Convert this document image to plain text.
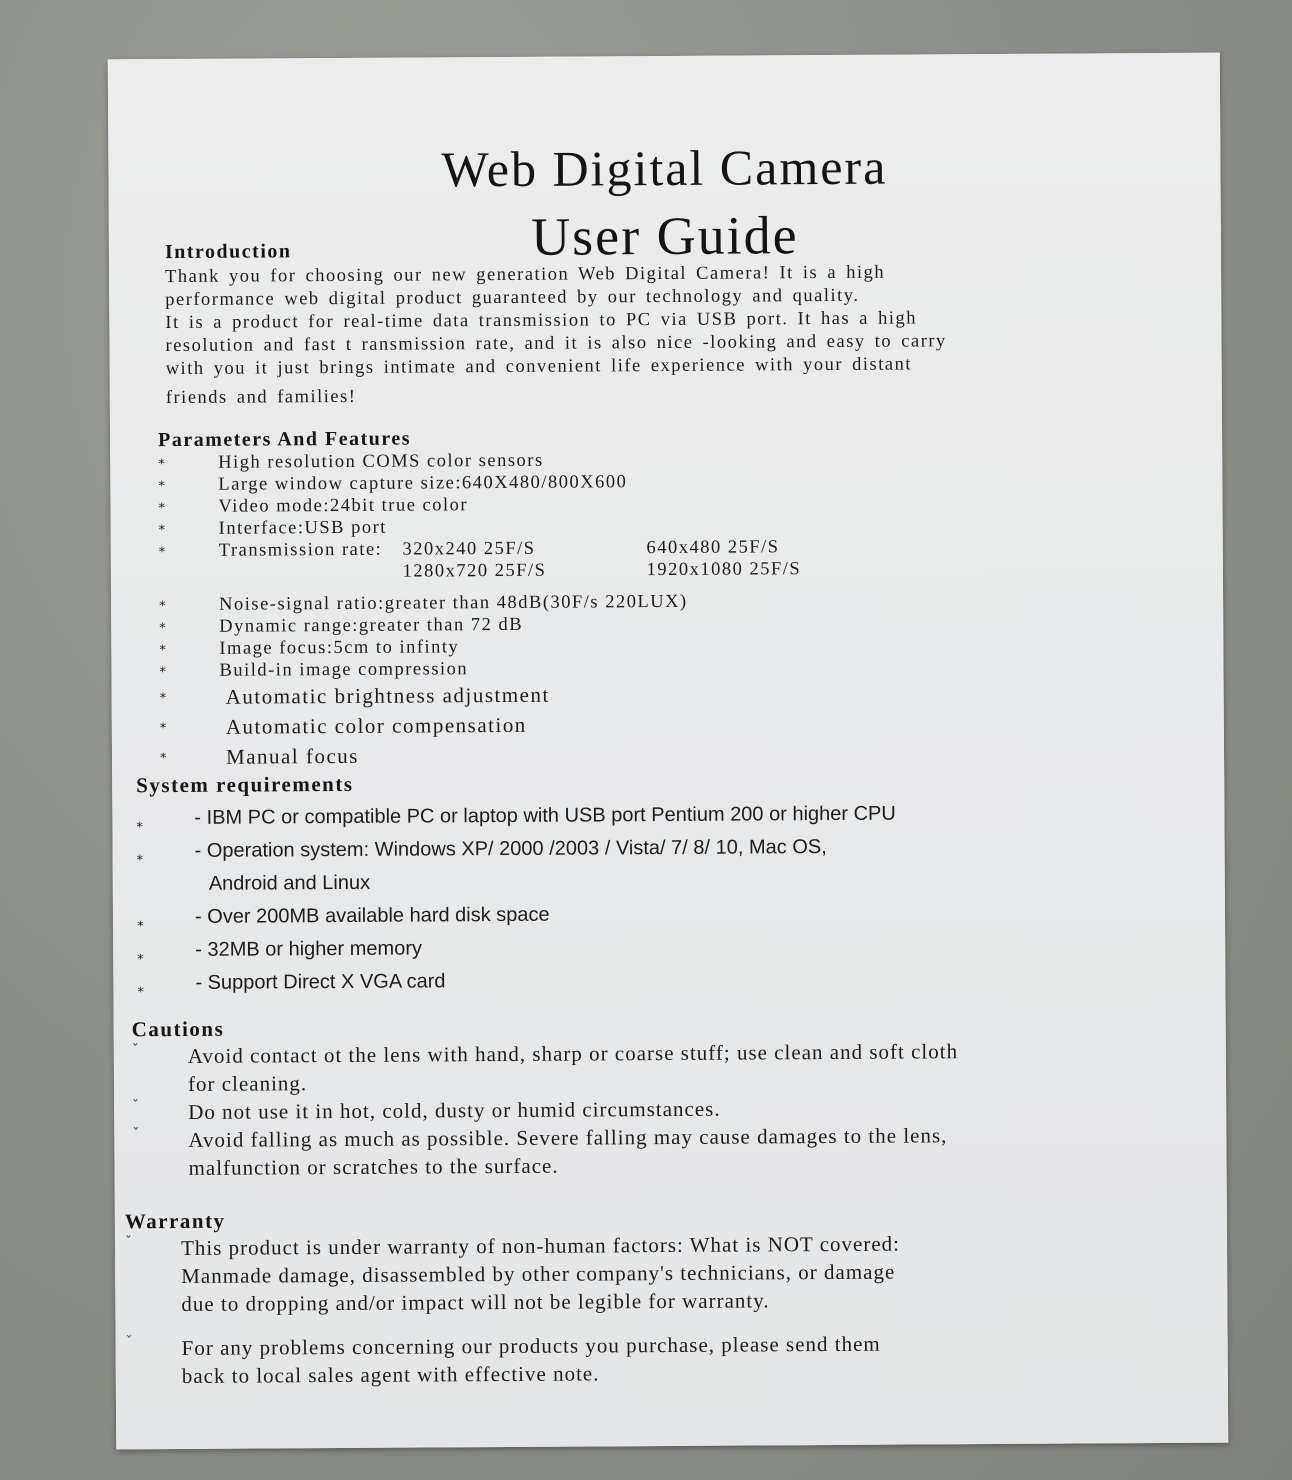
Web Digital Camera
User Guide
Introduction

Thank you for choosing our new generation Web Digital Camera! It is a high
performance web digital product guaranteed by our technology and quality.
It is a product for real-time data transmission to PC via USB port. It has a high
resolution and fast t ransmission rate, and it is also nice -looking and easy to carry
with you it just brings intimate and convenient life experience with your distant
friends and families!

Parameters And Features
*	High resolution COMS color sensors
*	Large window capture size:640X480/800X600
*	Video mode:24bit true color
*	Interface:USB port
*	Transmission rate: 320x240 25F/S	640x480 25F/S
1280x720 25F/S	1920x1080 25F/S
*	Noise-signal ratio:greater than 48dB(30F/s 220LUX)
*	Dynamic range:greater than 72 dB
*	Image focus:5cm to infinty
*	Build-in image compression
*	Automatic brightness adjustment
*	Automatic color compensation
*	Manual focus
System requirements
*	- IBM PC or compatible PC or laptop with USB port Pentium 200 or higher CPU
*	- Operation system: Windows XP/ 2000 /2003 / Vista/ 7/ 8/ 10, Mac OS,
Android and Linux
*	- Over 200MB available hard disk space
*	- 32MB or higher memory
*	- Support Direct X VGA card
Cautions
ˇ Avoid contact ot the lens with hand, sharp or coarse stuff; use clean and soft cloth
for cleaning.
ˇ Do not use it in hot, cold, dusty or humid circumstances.
ˇ Avoid falling as much as possible. Severe falling may cause damages to the lens,
malfunction or scratches to the surface.
Warranty
ˇ This product is under warranty of non-human factors: What is NOT covered:
Manmade damage, disassembled by other company's technicians, or damage
due to dropping and/or impact will not be legible for warranty.
ˇ For any problems concerning our products you purchase, please send them
back to local sales agent with effective note.
